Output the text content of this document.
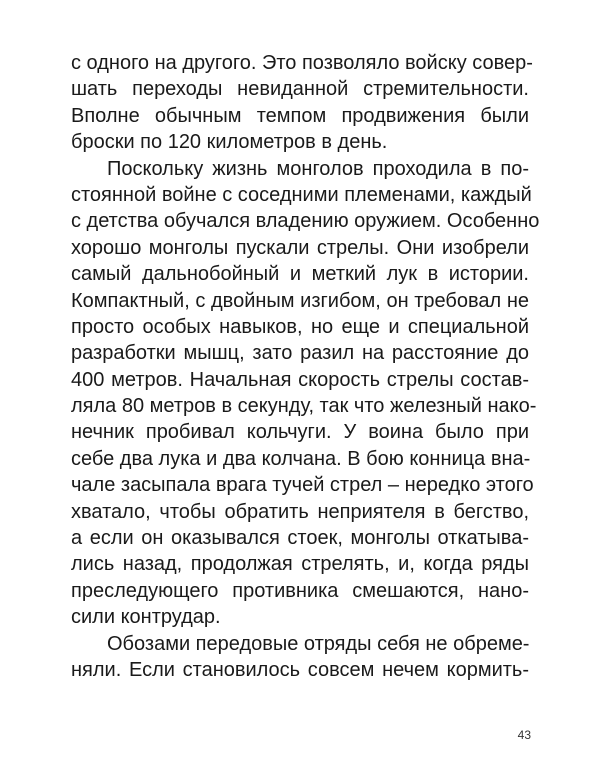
с одного на другого. Это позволяло войску совер-
шать переходы невиданной стремительности.
Вполне обычным темпом продвижения были
броски по 120 километров в день.
Поскольку жизнь монголов проходила в по-
стоянной войне с соседними племенами, каждый
с детства обучался владению оружием. Особенно
хорошо монголы пускали стрелы. Они изобрели
самый дальнобойный и меткий лук в истории.
Компактный, с двойным изгибом, он требовал не
просто особых навыков, но еще и специальной
разработки мышц, зато разил на расстояние до
400 метров. Начальная скорость стрелы состав-
ляла 80 метров в секунду, так что железный нако-
нечник пробивал кольчуги. У воина было при
себе два лука и два колчана. В бою конница вна-
чале засыпала врага тучей стрел – нередко этого
хватало, чтобы обратить неприятеля в бегство,
а если он оказывался стоек, монголы откатыва-
лись назад, продолжая стрелять, и, когда ряды
преследующего противника смешаются, нано-
сили контрудар.
Обозами передовые отряды себя не обреме-
няли. Если становилось совсем нечем кормить-
43
